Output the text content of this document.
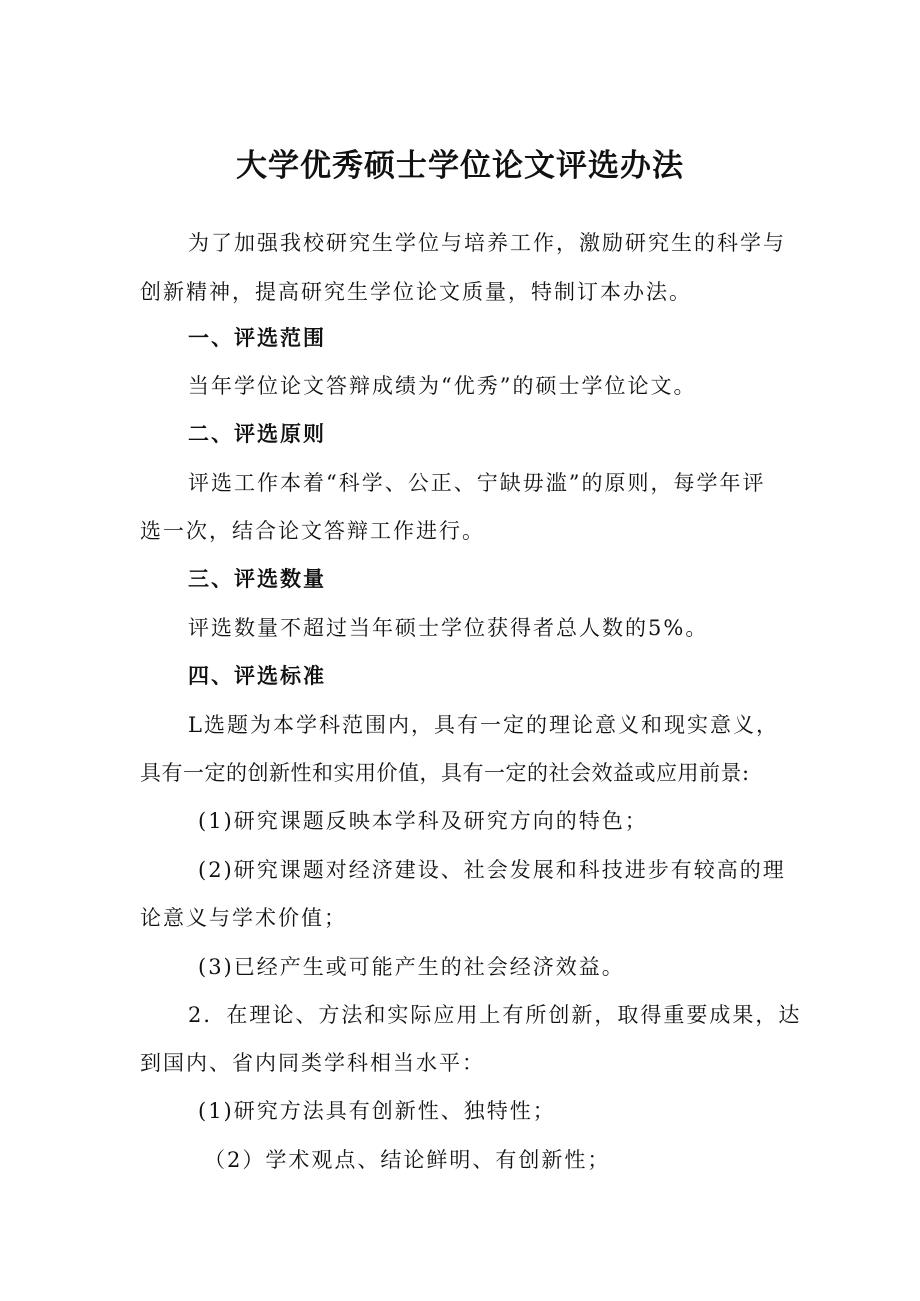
大学优秀硕士学位论文评选办法
为了加强我校研究生学位与培养工作，激励研究生的科学与
创新精神，提高研究生学位论文质量，特制订本办法。
一、评选范围
当年学位论文答辩成绩为“优秀”的硕士学位论文。
二、评选原则
评选工作本着“科学、公正、宁缺毋滥”的原则，每学年评
选一次，结合论文答辩工作进行。
三、评选数量
评选数量不超过当年硕士学位获得者总人数的5%。
四、评选标准
L选题为本学科范围内，具有一定的理论意义和现实意义，
具有一定的创新性和实用价值，具有一定的社会效益或应用前景:
(1)研究课题反映本学科及研究方向的特色；
(2)研究课题对经济建设、社会发展和科技进步有较高的理
论意义与学术价值；
(3)已经产生或可能产生的社会经济效益。
2．在理论、方法和实际应用上有所创新，取得重要成果，达
到国内、省内同类学科相当水平：
(1)研究方法具有创新性、独特性；
（2）学术观点、结论鲜明、有创新性；
